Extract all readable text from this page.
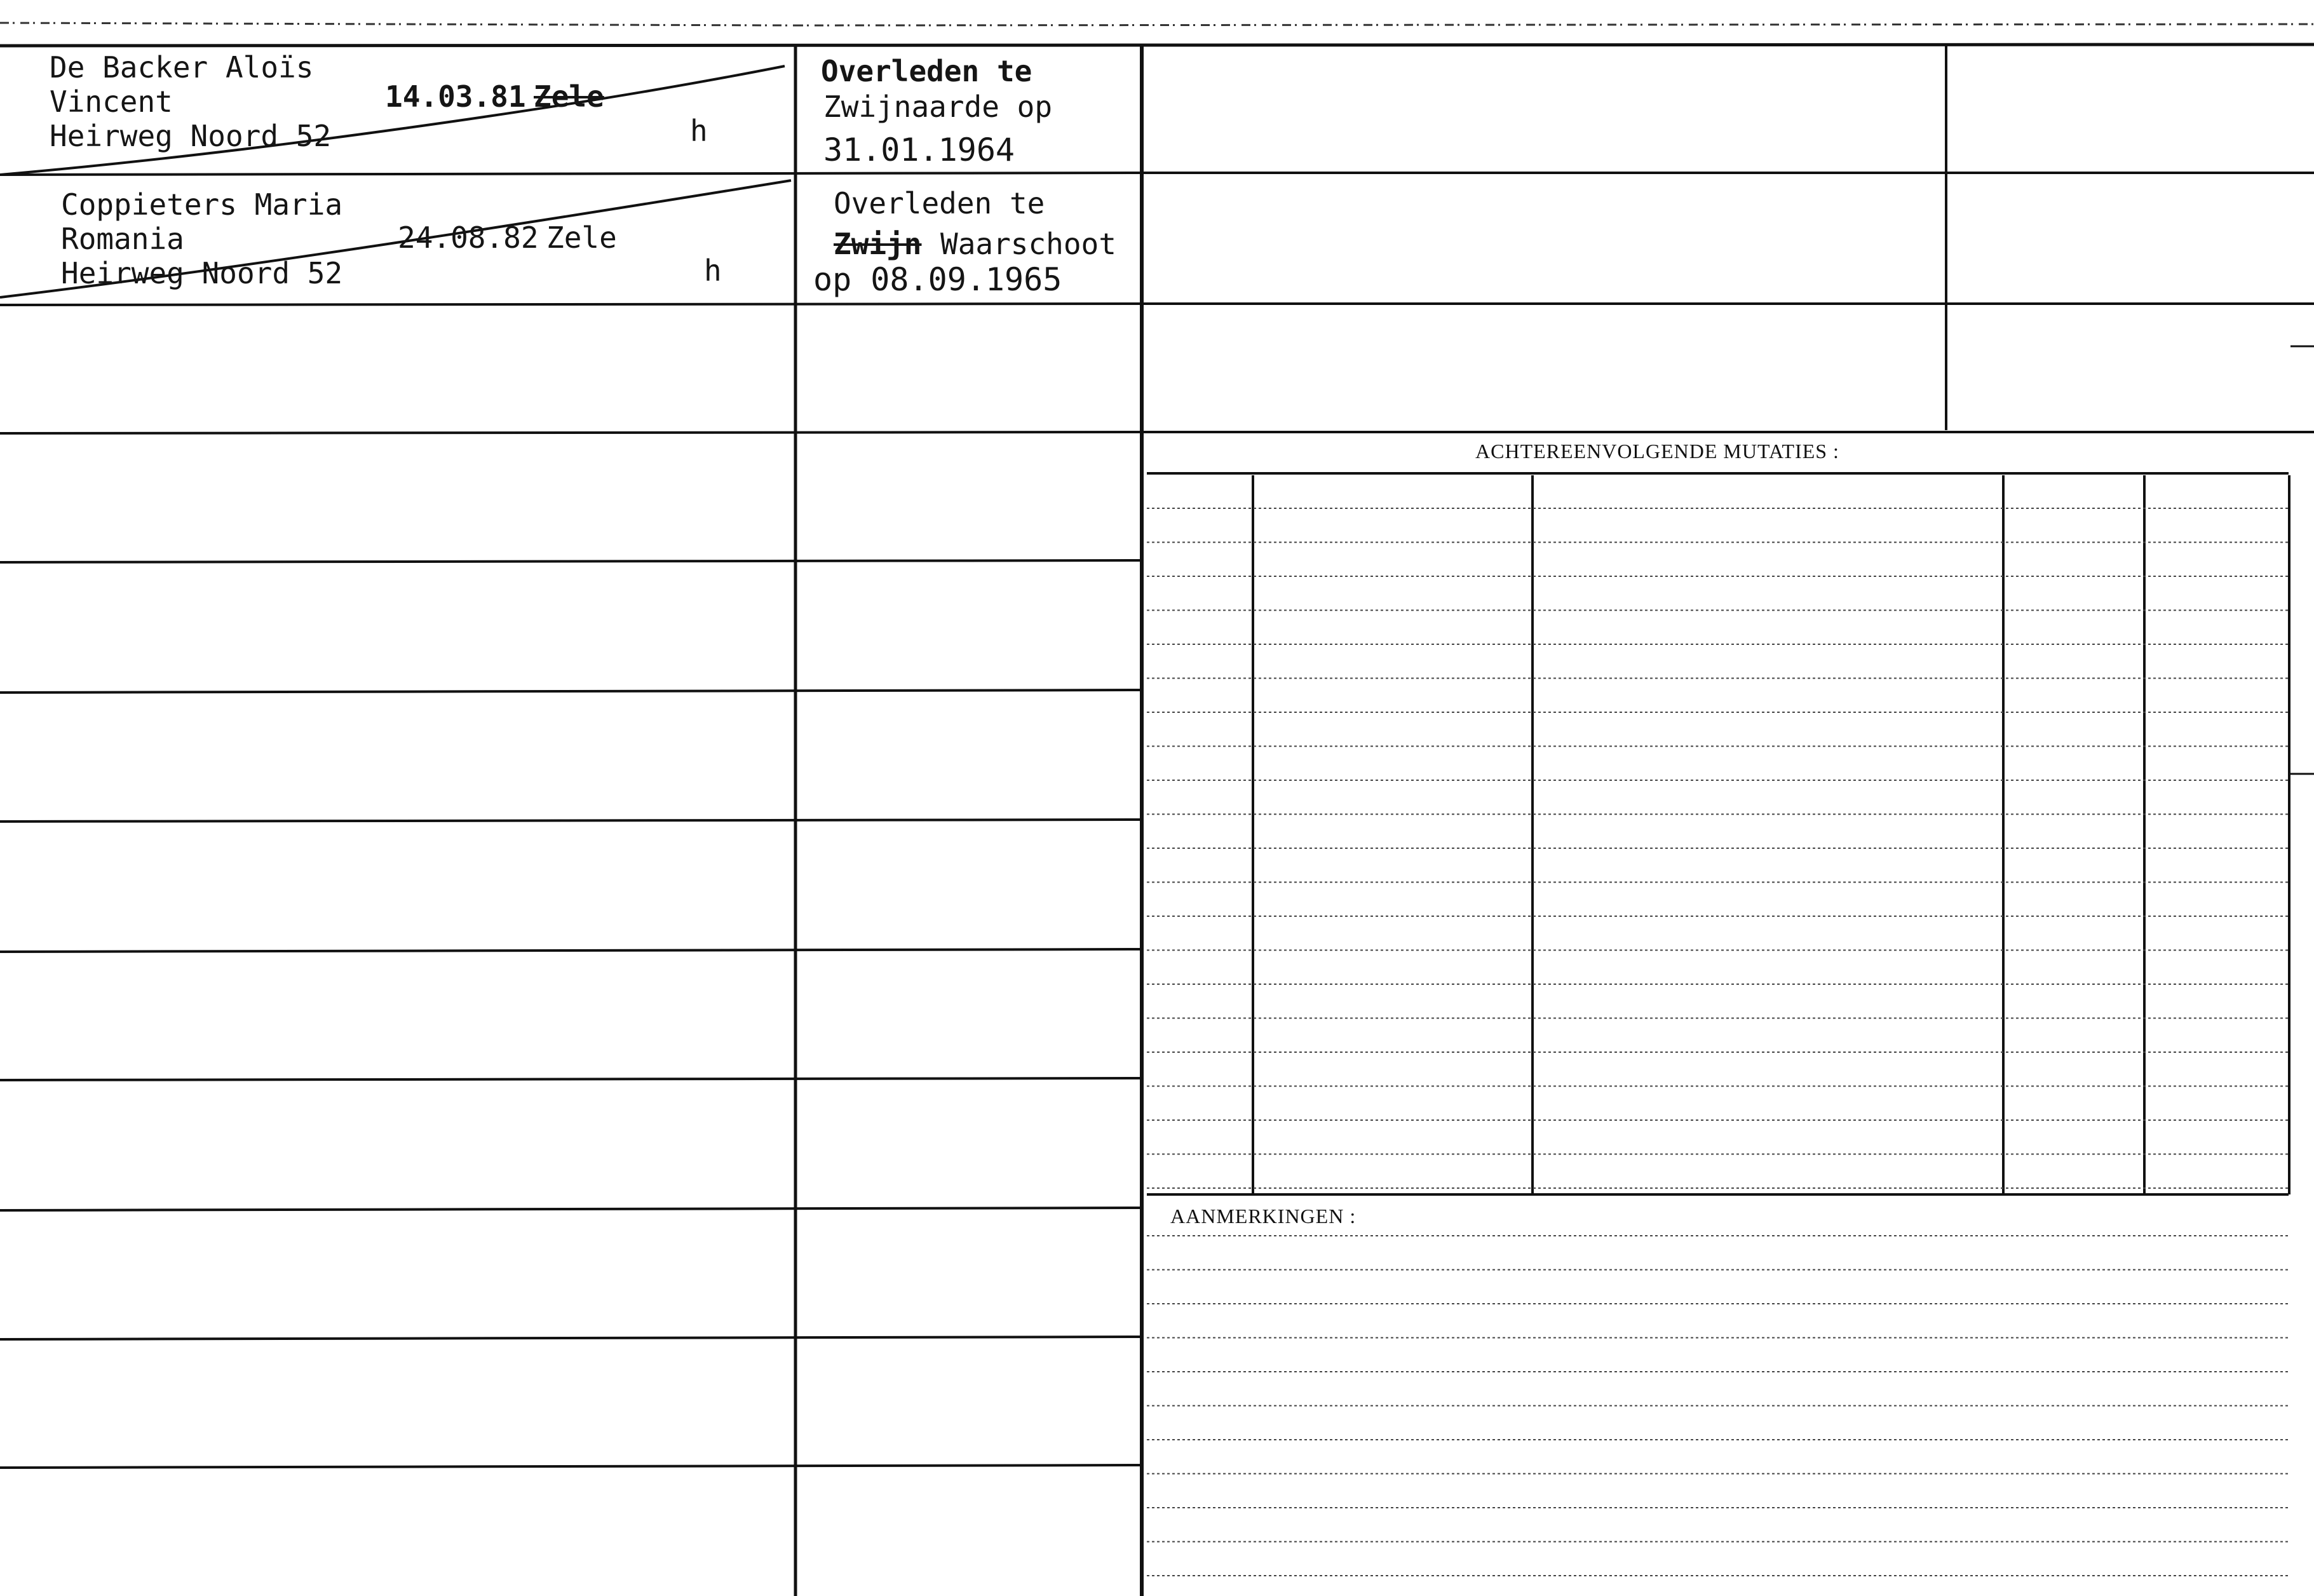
De Backer Aloïs
Vincent
Heirweg Noord 52
14.03.81 Zele
h
Overleden te
Zwijnaarde op
31.01.1964
Coppieters Maria
Romania
Heirweg Noord 52
24.08.82 Zele
h
Overleden te
Zwijn Waarschoot
op 08.09.1965
ACHTEREENVOLGENDE MUTATIES :
AANMERKINGEN :
